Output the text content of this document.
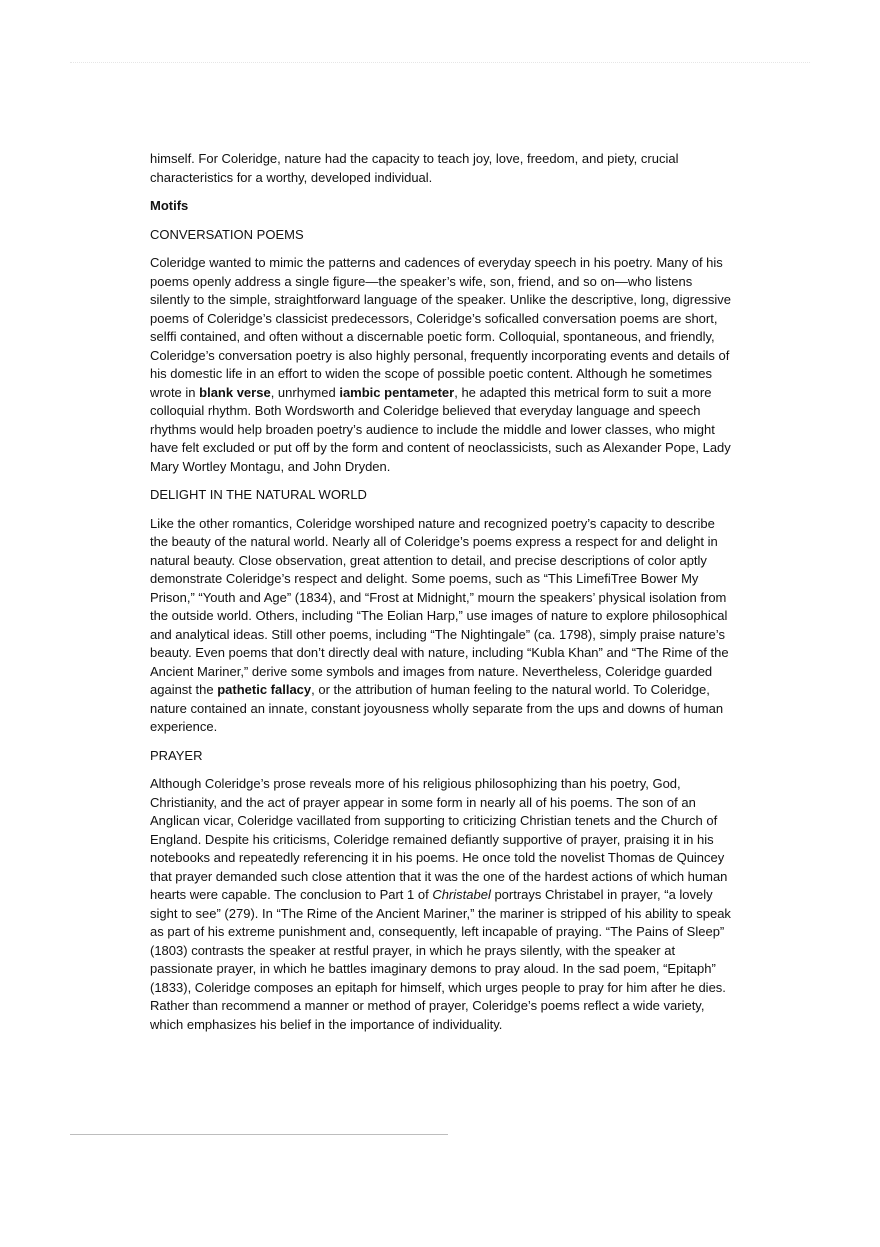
himself. For Coleridge, nature had the capacity to teach joy, love, freedom, and piety, crucial characteristics for a worthy, developed individual.

Motifs

CONVERSATION POEMS

Coleridge wanted to mimic the patterns and cadences of everyday speech in his poetry. Many of his poems openly address a single figure—the speaker’s wife, son, friend, and so on—who listens silently to the simple, straightforward language of the speaker. Unlike the descriptive, long, digressive poems of Coleridge’s classicist predecessors, Coleridge’s soficalled conversation poems are short, selffi contained, and often without a discernable poetic form. Colloquial, spontaneous, and friendly, Coleridge’s conversation poetry is also highly personal, frequently incorporating events and details of his domestic life in an effort to widen the scope of possible poetic content. Although he sometimes wrote in blank verse, unrhymed iambic pentameter, he adapted this metrical form to suit a more colloquial rhythm. Both Wordsworth and Coleridge believed that everyday language and speech rhythms would help broaden poetry’s audience to include the middle and lower classes, who might have felt excluded or put off by the form and content of neoclassicists, such as Alexander Pope, Lady Mary Wortley Montagu, and John Dryden.

DELIGHT IN THE NATURAL WORLD

Like the other romantics, Coleridge worshiped nature and recognized poetry’s capacity to describe the beauty of the natural world. Nearly all of Coleridge’s poems express a respect for and delight in natural beauty. Close observation, great attention to detail, and precise descriptions of color aptly demonstrate Coleridge’s respect and delight. Some poems, such as “This LimefiTree Bower My Prison,” “Youth and Age” (1834), and “Frost at Midnight,” mourn the speakers’ physical isolation from the outside world. Others, including “The Eolian Harp,” use images of nature to explore philosophical and analytical ideas. Still other poems, including “The Nightingale” (ca. 1798), simply praise nature’s beauty. Even poems that don’t directly deal with nature, including “Kubla Khan” and “The Rime of the Ancient Mariner,” derive some symbols and images from nature. Nevertheless, Coleridge guarded against the pathetic fallacy, or the attribution of human feeling to the natural world. To Coleridge, nature contained an innate, constant joyousness wholly separate from the ups and downs of human experience.

PRAYER

Although Coleridge’s prose reveals more of his religious philosophizing than his poetry, God, Christianity, and the act of prayer appear in some form in nearly all of his poems. The son of an Anglican vicar, Coleridge vacillated from supporting to criticizing Christian tenets and the Church of England. Despite his criticisms, Coleridge remained defiantly supportive of prayer, praising it in his notebooks and repeatedly referencing it in his poems. He once told the novelist Thomas de Quincey that prayer demanded such close attention that it was the one of the hardest actions of which human hearts were capable. The conclusion to Part 1 of Christabel portrays Christabel in prayer, “a lovely sight to see” (279). In “The Rime of the Ancient Mariner,” the mariner is stripped of his ability to speak as part of his extreme punishment and, consequently, left incapable of praying. “The Pains of Sleep” (1803) contrasts the speaker at restful prayer, in which he prays silently, with the speaker at passionate prayer, in which he battles imaginary demons to pray aloud. In the sad poem, “Epitaph” (1833), Coleridge composes an epitaph for himself, which urges people to pray for him after he dies. Rather than recommend a manner or method of prayer, Coleridge’s poems reflect a wide variety, which emphasizes his belief in the importance of individuality.
